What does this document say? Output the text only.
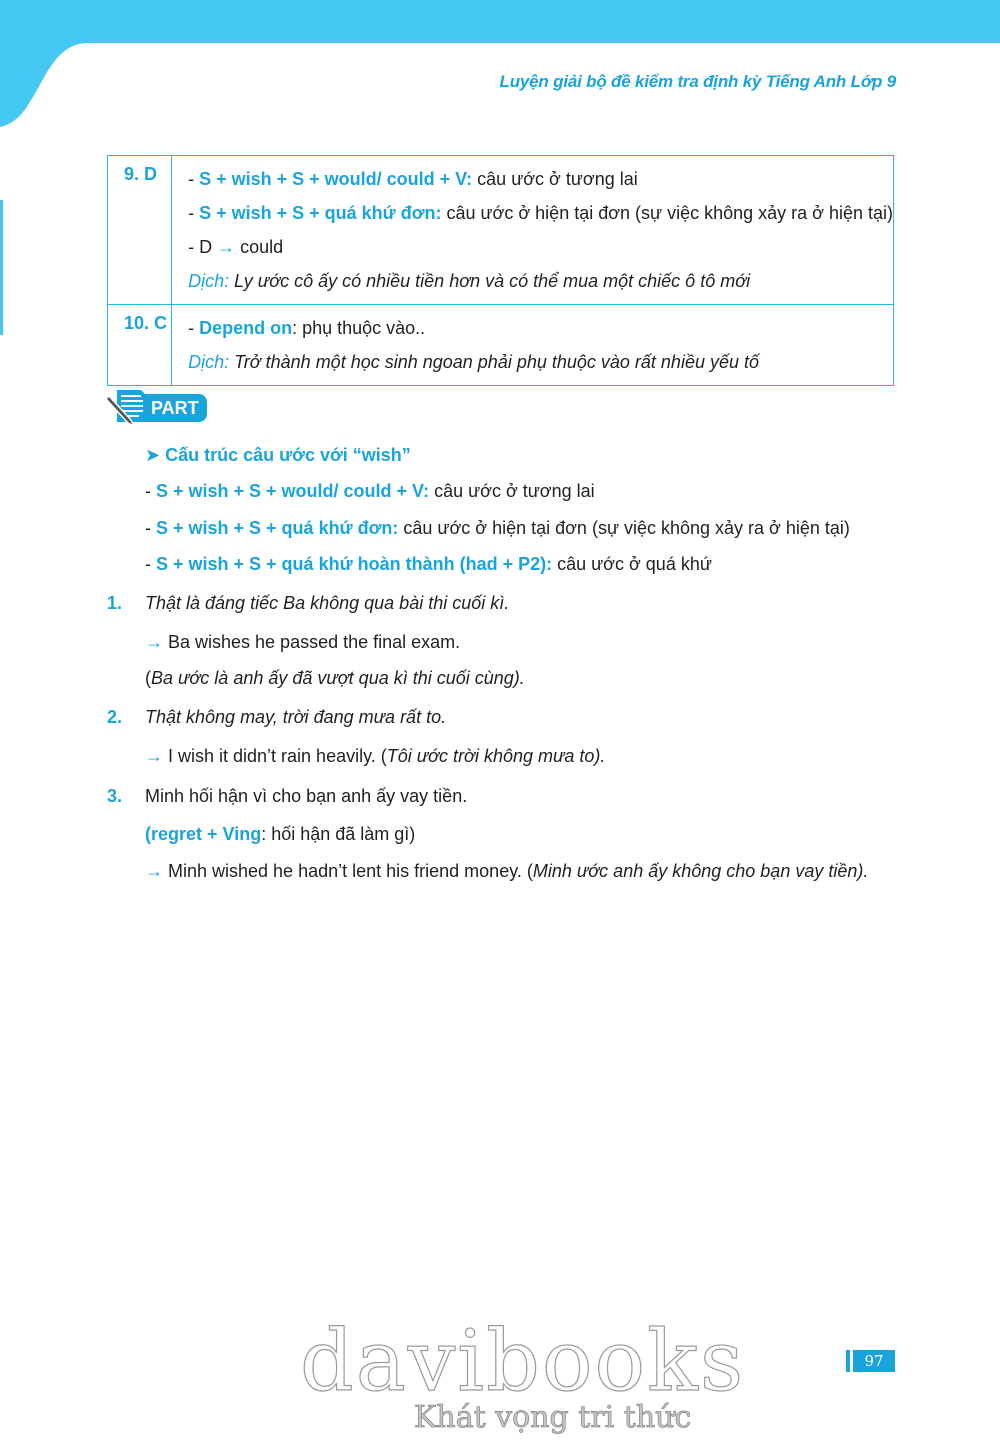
Luyện giải bộ đề kiểm tra định kỳ Tiếng Anh Lớp 9
9. D	- S + wish + S + would/ could + V: câu ước ở tương lai
- S + wish + S + quá khứ đơn: câu ước ở hiện tại đơn (sự việc không xảy ra ở hiện tại)
- D → could
Dịch: Ly ước cô ấy có nhiều tiền hơn và có thể mua một chiếc ô tô mới

10. C	- Depend on: phụ thuộc vào..
Dịch: Trở thành một học sinh ngoan phải phụ thuộc vào rất nhiều yếu tố
PART 2
➤ Cấu trúc câu ước với “wish”
- S + wish + S + would/ could + V: câu ước ở tương lai
- S + wish + S + quá khứ đơn: câu ước ở hiện tại đơn (sự việc không xảy ra ở hiện tại)
- S + wish + S + quá khứ hoàn thành (had + P2): câu ước ở quá khứ
1. Thật là đáng tiếc Ba không qua bài thi cuối kì.
→ Ba wishes he passed the final exam.
(Ba ước là anh ấy đã vượt qua kì thi cuối cùng).
2. Thật không may, trời đang mưa rất to.
→ I wish it didn’t rain heavily. (Tôi ước trời không mưa to).
3. Minh hối hận vì cho bạn anh ấy vay tiền.
(regret + Ving: hối hận đã làm gì)
→ Minh wished he hadn’t lent his friend money. (Minh ước anh ấy không cho bạn vay tiền).
davibooks
Khát vọng tri thức
97
